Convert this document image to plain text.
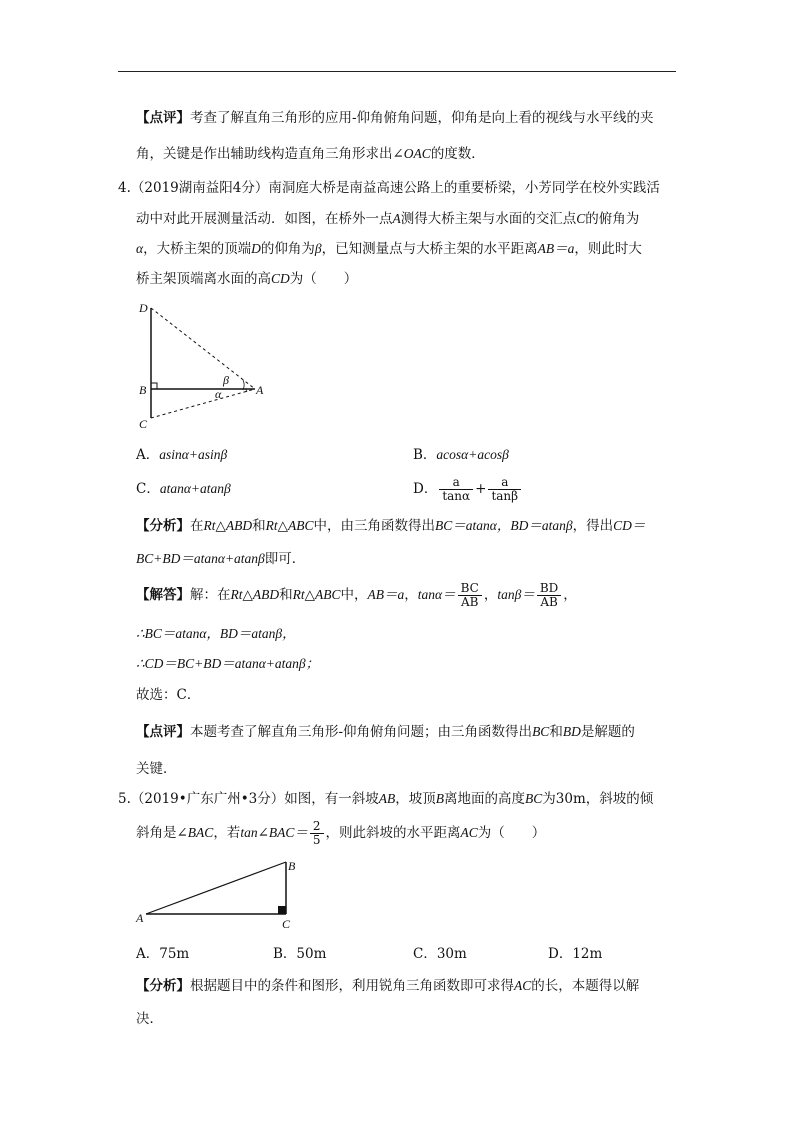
【点评】考查了解直角三角形的应用-仰角俯角问题，仰角是向上看的视线与水平线的夹
角，关键是作出辅助线构造直角三角形求出∠OAC的度数．
4.（2019湖南益阳4分）南洞庭大桥是南益高速公路上的重要桥梁，小芳同学在校外实践活
动中对此开展测量活动．如图，在桥外一点A测得大桥主架与水面的交汇点C的俯角为
α，大桥主架的顶端D的仰角为β，已知测量点与大桥主架的水平距离AB＝a，则此时大
桥主架顶端离水面的高CD为（　　）
D
B
C
A
β
α
A．asinα+asinβ	B．acosα+acosβ
C．atanα+atanβ	D． $\frac{a}{\tan\alpha} + \frac{a}{\tan\beta}$
【分析】在Rt△ABD和Rt△ABC中，由三角函数得出BC＝atanα，BD＝atanβ，得出CD＝
BC+BD＝atanα+atanβ即可．
【解答】解：在Rt△ABD和Rt△ABC中，AB＝a，$\tan\alpha= \frac{BC}{AB}$ ，$\tan\beta= \frac{BD}{AB}$ ，
∴BC＝atanα，BD＝atanβ，
∴CD＝BC+BD＝atanα+atanβ；
故选：C．
【点评】本题考查了解直角三角形-仰角俯角问题；由三角函数得出BC和BD是解题的
关键．
5.（2019•广东广州•3分）如图，有一斜坡AB，坡顶B离地面的高度BC为30m，斜坡的倾
斜角是∠BAC，若tan∠BAC＝ $\frac{2}{5}$ ，则此斜坡的水平距离AC为（　　）
A
B
C
A．75m	B．50m	C．30m	D．12m
【分析】根据题目中的条件和图形，利用锐角三角函数即可求得AC的长，本题得以解
决．
